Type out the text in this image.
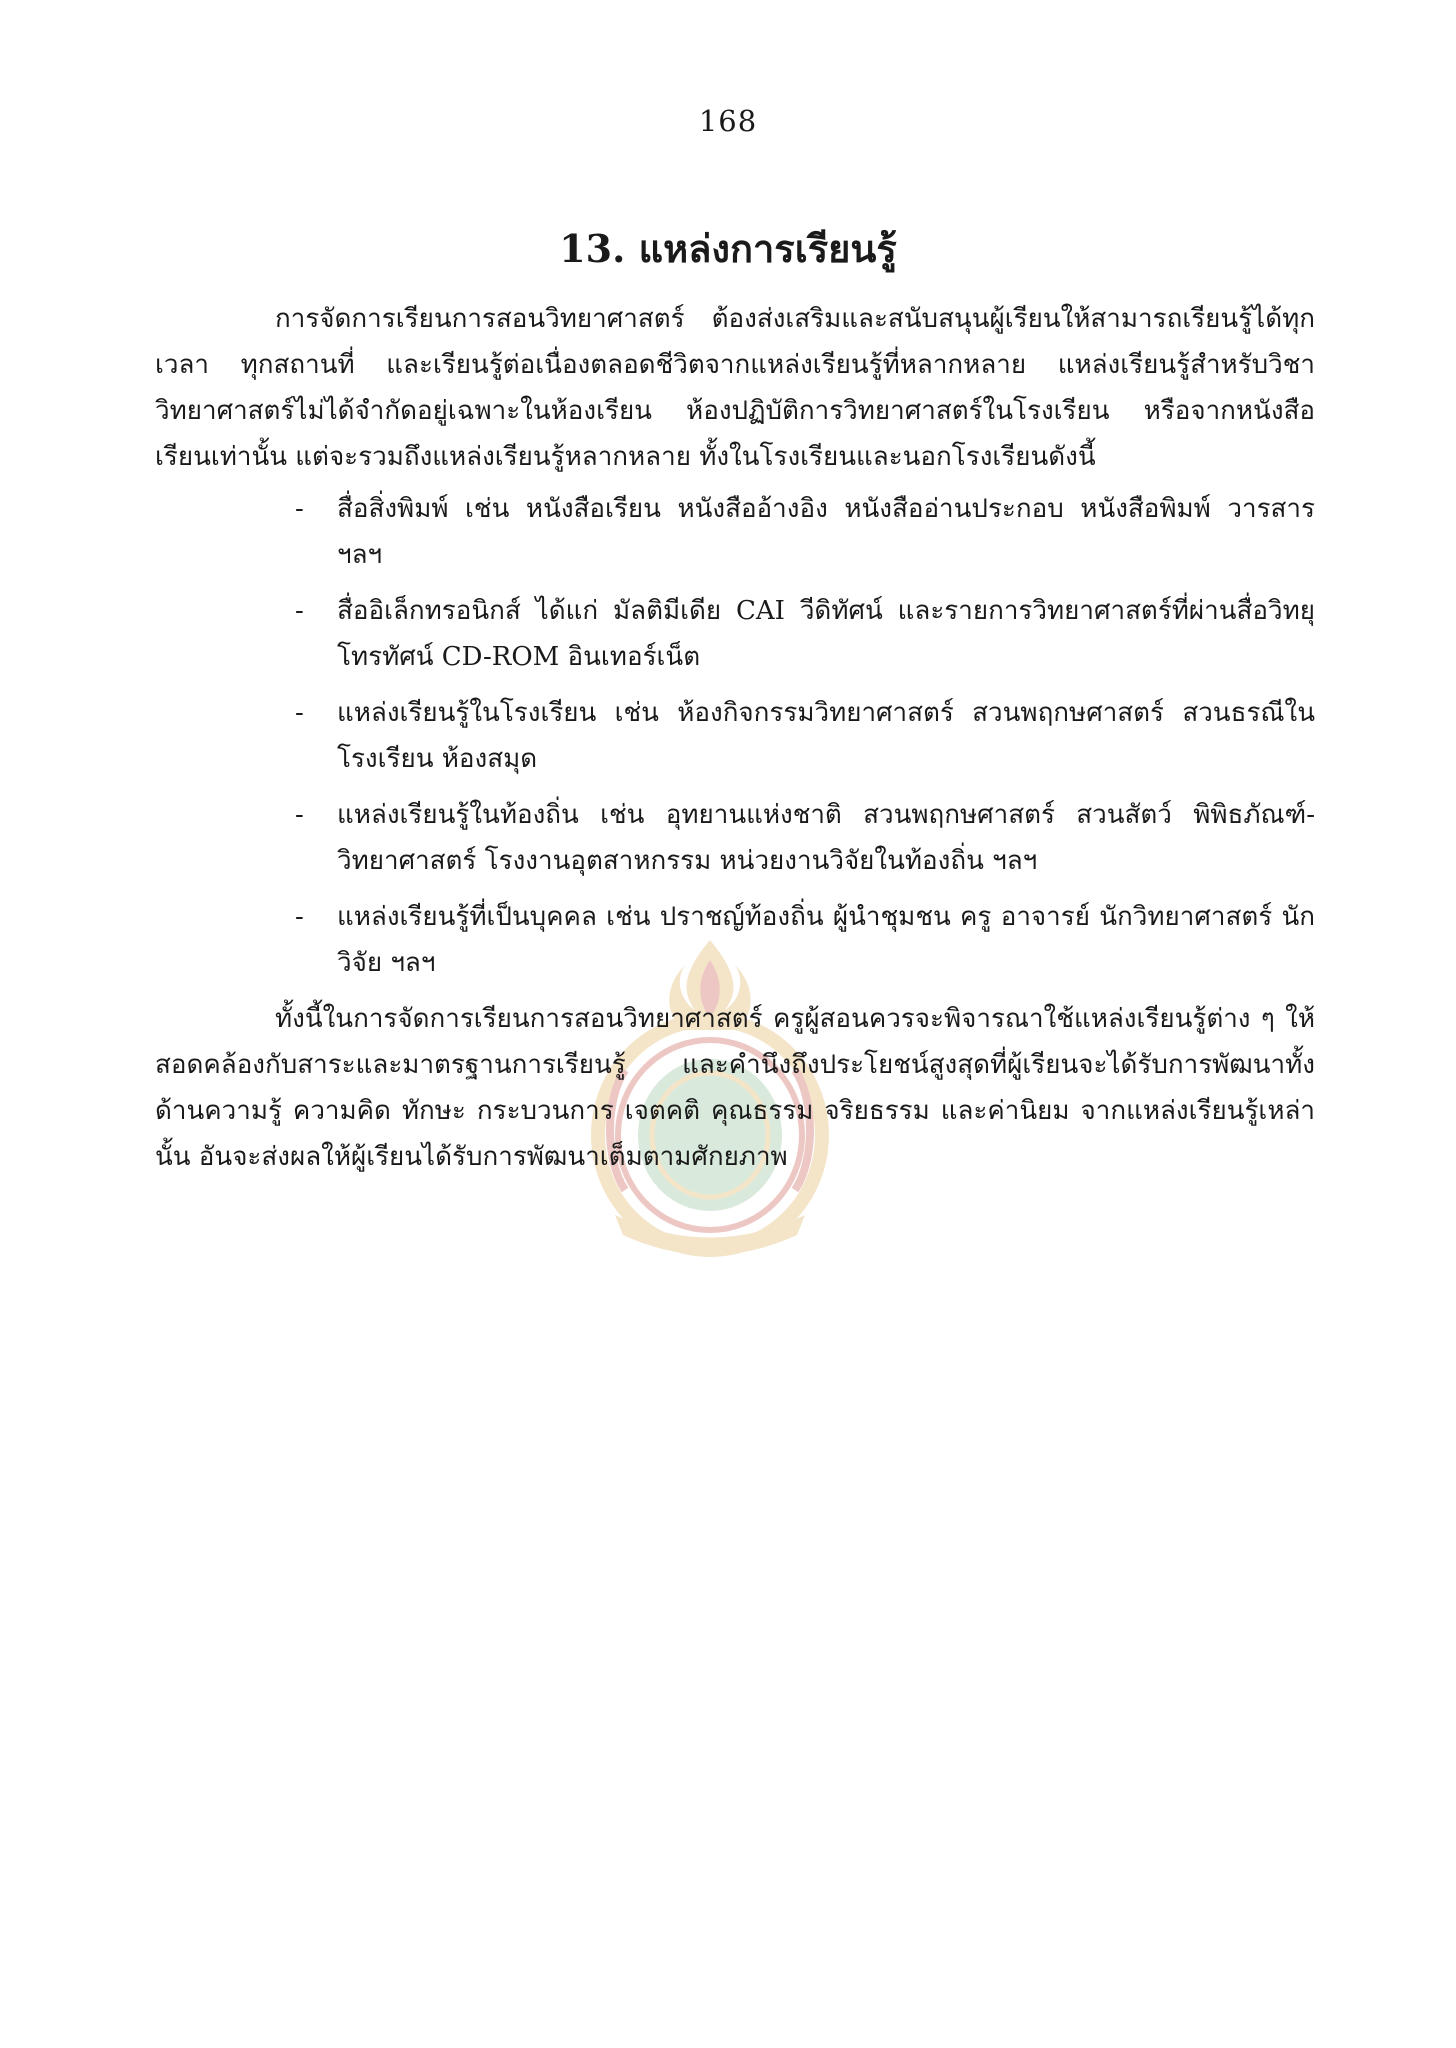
168
13. แหล่งการเรียนรู้

การจัดการเรียนการสอนวิทยาศาสตร์ ต้องส่งเสริมและสนับสนุนผู้เรียนให้สามารถเรียนรู้ได้ทุกเวลา ทุกสถานที่ และเรียนรู้ต่อเนื่องตลอดชีวิตจากแหล่งเรียนรู้ที่หลากหลาย แหล่งเรียนรู้สำหรับวิชาวิทยาศาสตร์ไม่ได้จำกัดอยู่เฉพาะในห้องเรียน ห้องปฏิบัติการวิทยาศาสตร์ในโรงเรียน หรือจากหนังสือเรียนเท่านั้น แต่จะรวมถึงแหล่งเรียนรู้หลากหลาย ทั้งในโรงเรียนและนอกโรงเรียนดังนี้

- สื่อสิ่งพิมพ์ เช่น หนังสือเรียน หนังสืออ้างอิง หนังสืออ่านประกอบ หนังสือพิมพ์ วารสาร ฯลฯ
- สื่ออิเล็กทรอนิกส์ ได้แก่ มัลติมีเดีย CAI วีดิทัศน์ และรายการวิทยาศาสตร์ที่ผ่านสื่อวิทยุโทรทัศน์ CD-ROM อินเทอร์เน็ต
- แหล่งเรียนรู้ในโรงเรียน เช่น ห้องกิจกรรมวิทยาศาสตร์ สวนพฤกษศาสตร์ สวนธรณีในโรงเรียน ห้องสมุด
- แหล่งเรียนรู้ในท้องถิ่น เช่น อุทยานแห่งชาติ สวนพฤกษศาสตร์ สวนสัตว์ พิพิธภัณฑ์-วิทยาศาสตร์ โรงงานอุตสาหกรรม หน่วยงานวิจัยในท้องถิ่น ฯลฯ
- แหล่งเรียนรู้ที่เป็นบุคคล เช่น ปราชญ์ท้องถิ่น ผู้นำชุมชน ครู อาจารย์ นักวิทยาศาสตร์ นักวิจัย ฯลฯ

ทั้งนี้ในการจัดการเรียนการสอนวิทยาศาสตร์ ครูผู้สอนควรจะพิจารณาใช้แหล่งเรียนรู้ต่าง ๆ ให้สอดคล้องกับสาระและมาตรฐานการเรียนรู้ และคำนึงถึงประโยชน์สูงสุดที่ผู้เรียนจะได้รับการพัฒนาทั้งด้านความรู้ ความคิด ทักษะ กระบวนการ เจตคติ คุณธรรม จริยธรรม และค่านิยม จากแหล่งเรียนรู้เหล่านั้น อันจะส่งผลให้ผู้เรียนได้รับการพัฒนาเต็มตามศักยภาพ
